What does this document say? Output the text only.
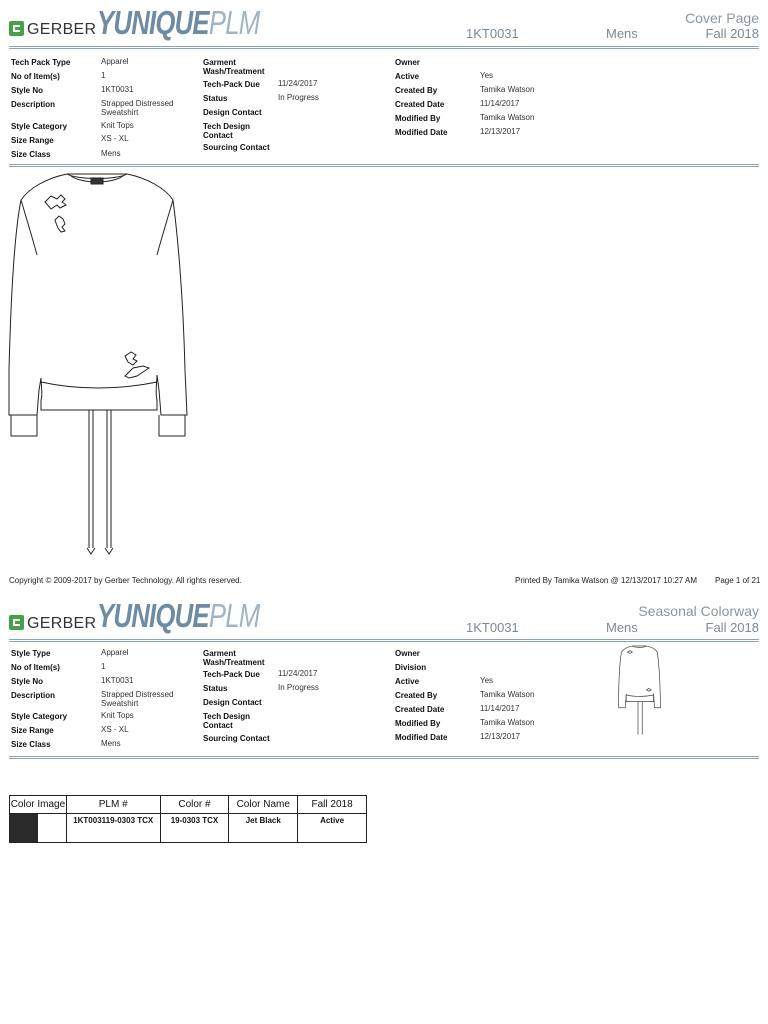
GERBER YUNIQUEPLM	1KT0031	Mens
Cover Page
Fall 2018
Tech Pack Type	Apparel
No of Item(s)	1
Style No	1KT0031
Description	Strapped Distressed Sweatshirt
Style Category	Knit Tops
Size Range	XS - XL
Size Class	Mens
Garment Wash/Treatment
Tech-Pack Due 11/24/2017
Status	In Progress
Design Contact
Tech Design Contact
Sourcing Contact
Owner
Active	Yes
Created By	Tamika Watson
Created Date	11/14/2017
Modified By	Tamika Watson
Modified Date	12/13/2017
Copyright © 2009-2017 by Gerber Technology. All rights reserved.	Printed By Tamika Watson @ 12/13/2017 10:27 AM Page 1 of 21
GERBER YUNIQUEPLM	1KT0031	Mens
Seasonal Colorway
Fall 2018
Style Type	Apparel
No of Item(s)	1
Style No	1KT0031
Description	Strapped Distressed Sweatshirt
Style Category	Knit Tops
Size Range	XS - XL
Size Class	Mens
Garment Wash/Treatment
Tech-Pack Due 11/24/2017
Status	In Progress
Design Contact
Tech Design Contact
Sourcing Contact
Owner
Division
Active	Yes
Created By	Tamika Watson
Created Date	11/14/2017
Modified By	Tamika Watson
Modified Date	12/13/2017
Color Image	PLM #	Color #	Color Name	Fall 2018

	1KT003119-0303 TCX	19-0303 TCX	Jet Black	Active
